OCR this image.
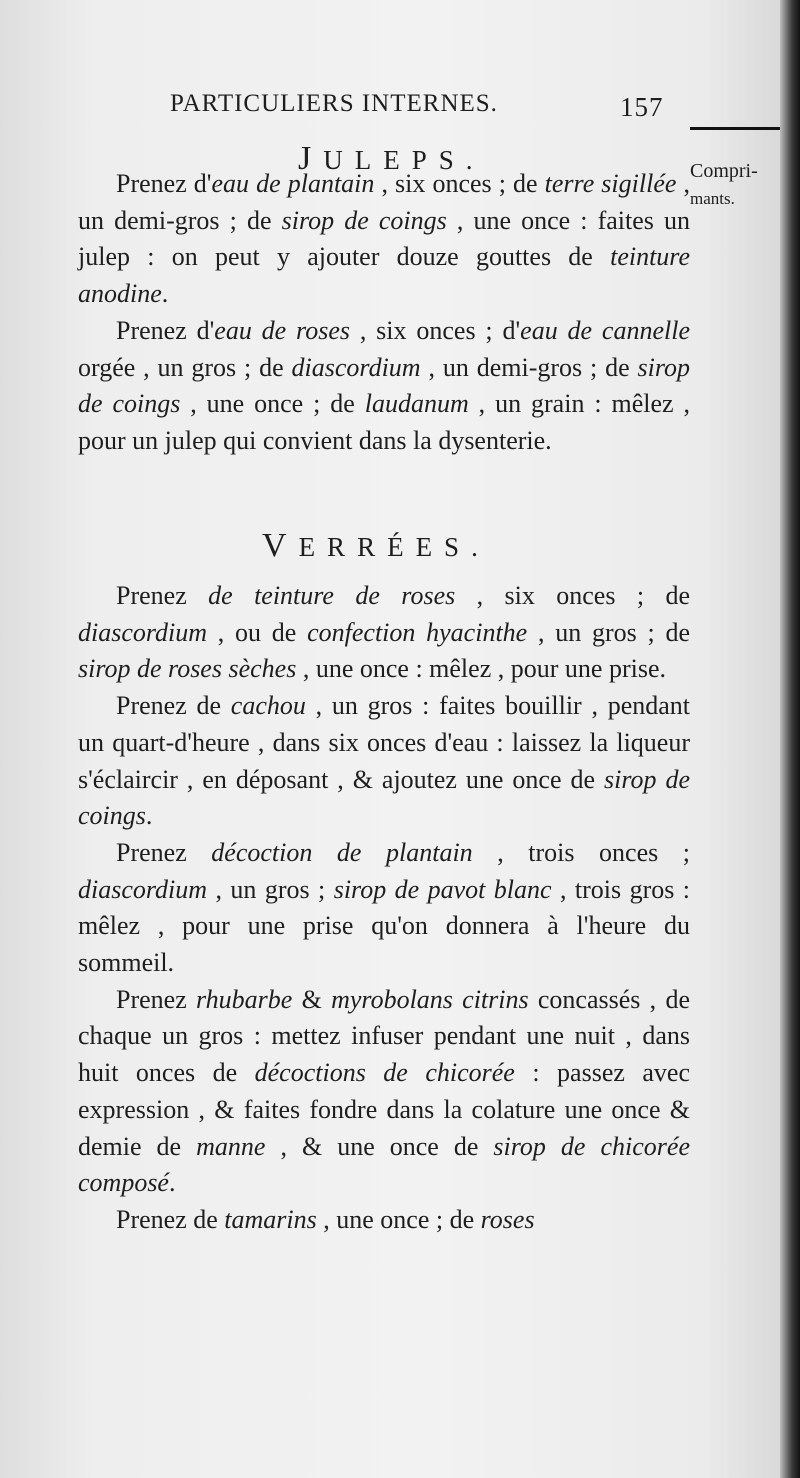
PARTICULIERS INTERNES.	157
Compri-
mants.
JULEPS.

Prenez d'eau de plantain , six onces ; de terre sigillée , un demi-gros ; de sirop de coings , une once : faites un julep : on peut y ajouter douze gouttes de teinture anodine.

Prenez d'eau de roses , six onces ; d'eau de cannelle orgée , un gros ; de diascordium , un demi-gros ; de sirop de coings , une once ; de laudanum , un grain : mêlez , pour un julep qui convient dans la dysenterie.

VERRÉES.

Prenez de teinture de roses , six onces ; de diascordium , ou de confection hyacinthe , un gros ; de sirop de roses sèches , une once : mêlez , pour une prise.

Prenez de cachou , un gros : faites bouillir , pendant un quart-d'heure , dans six onces d'eau : laissez la liqueur s'éclaircir , en déposant , & ajoutez une once de sirop de coings.

Prenez décoction de plantain , trois onces ; diascordium , un gros ; sirop de pavot blanc , trois gros : mêlez , pour une prise qu'on donnera à l'heure du sommeil.

Prenez rhubarbe & myrobolans citrins concassés , de chaque un gros : mettez infuser pendant une nuit , dans huit onces de décoctions de chicorée : passez avec expression , & faites fondre dans la colature une once & demie de manne , & une once de sirop de chicorée composé.

Prenez de tamarins , une once ; de roses
